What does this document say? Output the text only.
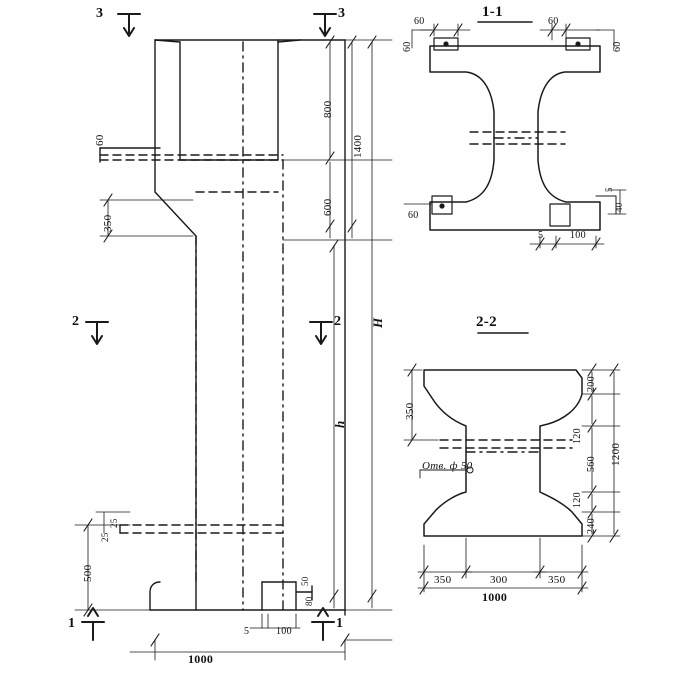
3	3
2	2
1	1
800
1400
600
350
60
H
h
500
25
25
1000
5	100
50
80
1-1
60
60
60
60
60
5
40
5	100
2-2
350
200
120
560
120
240
1200
350	300	350
1000
Отв. ф 50
